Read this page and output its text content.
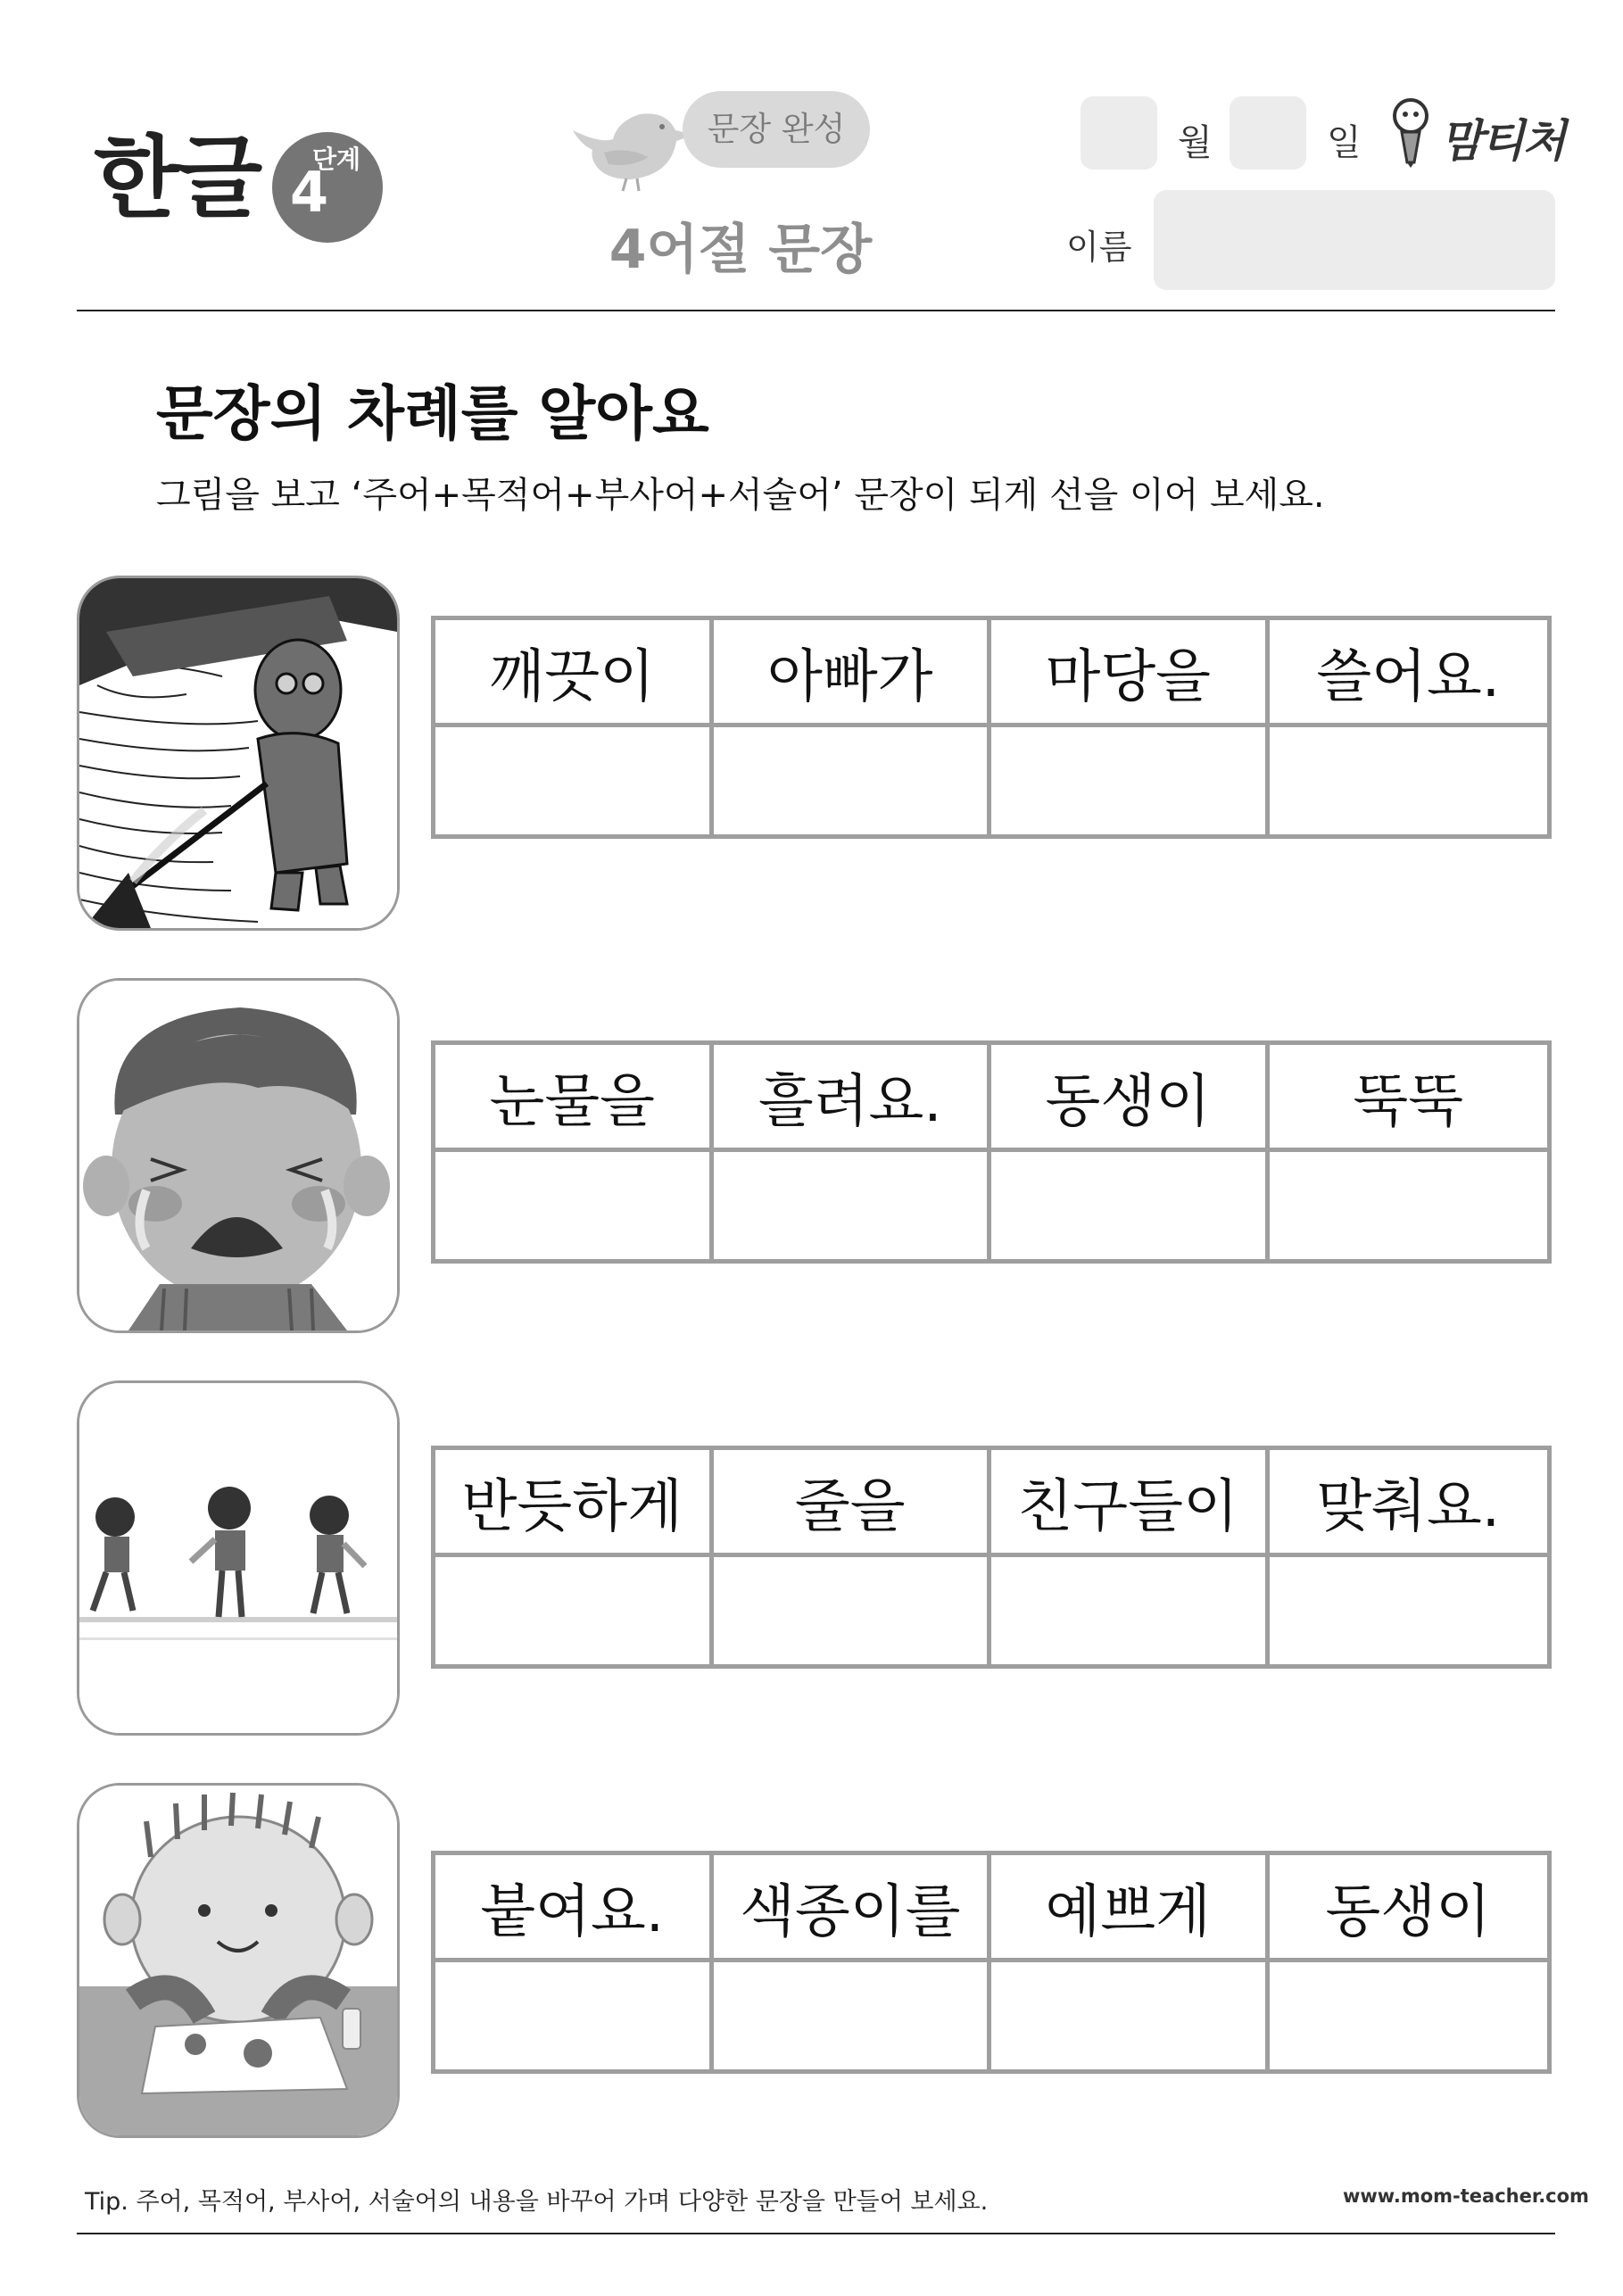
한글 4
단계
문장 완성
4어절 문장
월	일 맘티처
이름
문장의 차례를 알아요
그림을 보고 ‘주어+목적어+부사어+서술어’ 문장이 되게 선을 이어 보세요.
깨끗이	아빠가	마당을	쓸어요.
눈물을	흘려요.	동생이	뚝뚝
반듯하게	줄을	친구들이	맞춰요.
붙여요.	색종이를	예쁘게	동생이
Tip. 주어, 목적어, 부사어, 서술어의 내용을 바꾸어 가며 다양한 문장을 만들어 보세요.	www.mom-teacher.com
